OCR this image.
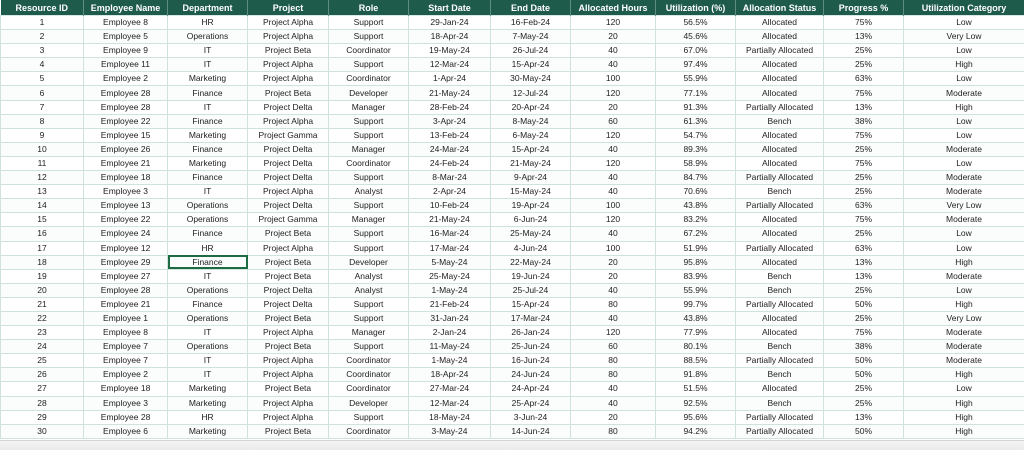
Resource ID	Employee Name	Department	Project	Role	Start Date	End Date	Allocated Hours	Utilization (%)	Allocation Status	Progress %	Utilization Category
1	Employee 8	HR	Project Alpha	Support	29-Jan-24	16-Feb-24	120	56.5%	Allocated	75%	Low
2	Employee 5	Operations	Project Alpha	Support	18-Apr-24	7-May-24	20	45.6%	Allocated	13%	Very Low
3	Employee 9	IT	Project Beta	Coordinator	19-May-24	26-Jul-24	40	67.0%	Partially Allocated	25%	Low
4	Employee 11	IT	Project Alpha	Support	12-Mar-24	15-Apr-24	40	97.4%	Allocated	25%	High
5	Employee 2	Marketing	Project Alpha	Coordinator	1-Apr-24	30-May-24	100	55.9%	Allocated	63%	Low
6	Employee 28	Finance	Project Beta	Developer	21-May-24	12-Jul-24	120	77.1%	Allocated	75%	Moderate
7	Employee 28	IT	Project Delta	Manager	28-Feb-24	20-Apr-24	20	91.3%	Partially Allocated	13%	High
8	Employee 22	Finance	Project Alpha	Support	3-Apr-24	8-May-24	60	61.3%	Bench	38%	Low
9	Employee 15	Marketing	Project Gamma	Support	13-Feb-24	6-May-24	120	54.7%	Allocated	75%	Low
10	Employee 26	Finance	Project Delta	Manager	24-Mar-24	15-Apr-24	40	89.3%	Allocated	25%	Moderate
11	Employee 21	Marketing	Project Delta	Coordinator	24-Feb-24	21-May-24	120	58.9%	Allocated	75%	Low
12	Employee 18	Finance	Project Delta	Support	8-Mar-24	9-Apr-24	40	84.7%	Partially Allocated	25%	Moderate
13	Employee 3	IT	Project Alpha	Analyst	2-Apr-24	15-May-24	40	70.6%	Bench	25%	Moderate
14	Employee 13	Operations	Project Delta	Support	10-Feb-24	19-Apr-24	100	43.8%	Partially Allocated	63%	Very Low
15	Employee 22	Operations	Project Gamma	Manager	21-May-24	6-Jun-24	120	83.2%	Allocated	75%	Moderate
16	Employee 24	Finance	Project Beta	Support	16-Mar-24	25-May-24	40	67.2%	Allocated	25%	Low
17	Employee 12	HR	Project Alpha	Support	17-Mar-24	4-Jun-24	100	51.9%	Partially Allocated	63%	Low
18	Employee 29	Finance	Project Beta	Developer	5-May-24	22-May-24	20	95.8%	Allocated	13%	High
19	Employee 27	IT	Project Beta	Analyst	25-May-24	19-Jun-24	20	83.9%	Bench	13%	Moderate
20	Employee 28	Operations	Project Delta	Analyst	1-May-24	25-Jul-24	40	55.9%	Bench	25%	Low
21	Employee 21	Finance	Project Delta	Support	21-Feb-24	15-Apr-24	80	99.7%	Partially Allocated	50%	High
22	Employee 1	Operations	Project Beta	Support	31-Jan-24	17-Mar-24	40	43.8%	Allocated	25%	Very Low
23	Employee 8	IT	Project Alpha	Manager	2-Jan-24	26-Jan-24	120	77.9%	Allocated	75%	Moderate
24	Employee 7	Operations	Project Beta	Support	11-May-24	25-Jun-24	60	80.1%	Bench	38%	Moderate
25	Employee 7	IT	Project Alpha	Coordinator	1-May-24	16-Jun-24	80	88.5%	Partially Allocated	50%	Moderate
26	Employee 2	IT	Project Alpha	Coordinator	18-Apr-24	24-Jun-24	80	91.8%	Bench	50%	High
27	Employee 18	Marketing	Project Beta	Coordinator	27-Mar-24	24-Apr-24	40	51.5%	Allocated	25%	Low
28	Employee 3	Marketing	Project Alpha	Developer	12-Mar-24	25-Apr-24	40	92.5%	Bench	25%	High
29	Employee 28	HR	Project Alpha	Support	18-May-24	3-Jun-24	20	95.6%	Partially Allocated	13%	High
30	Employee 6	Marketing	Project Beta	Coordinator	3-May-24	14-Jun-24	80	94.2%	Partially Allocated	50%	High
